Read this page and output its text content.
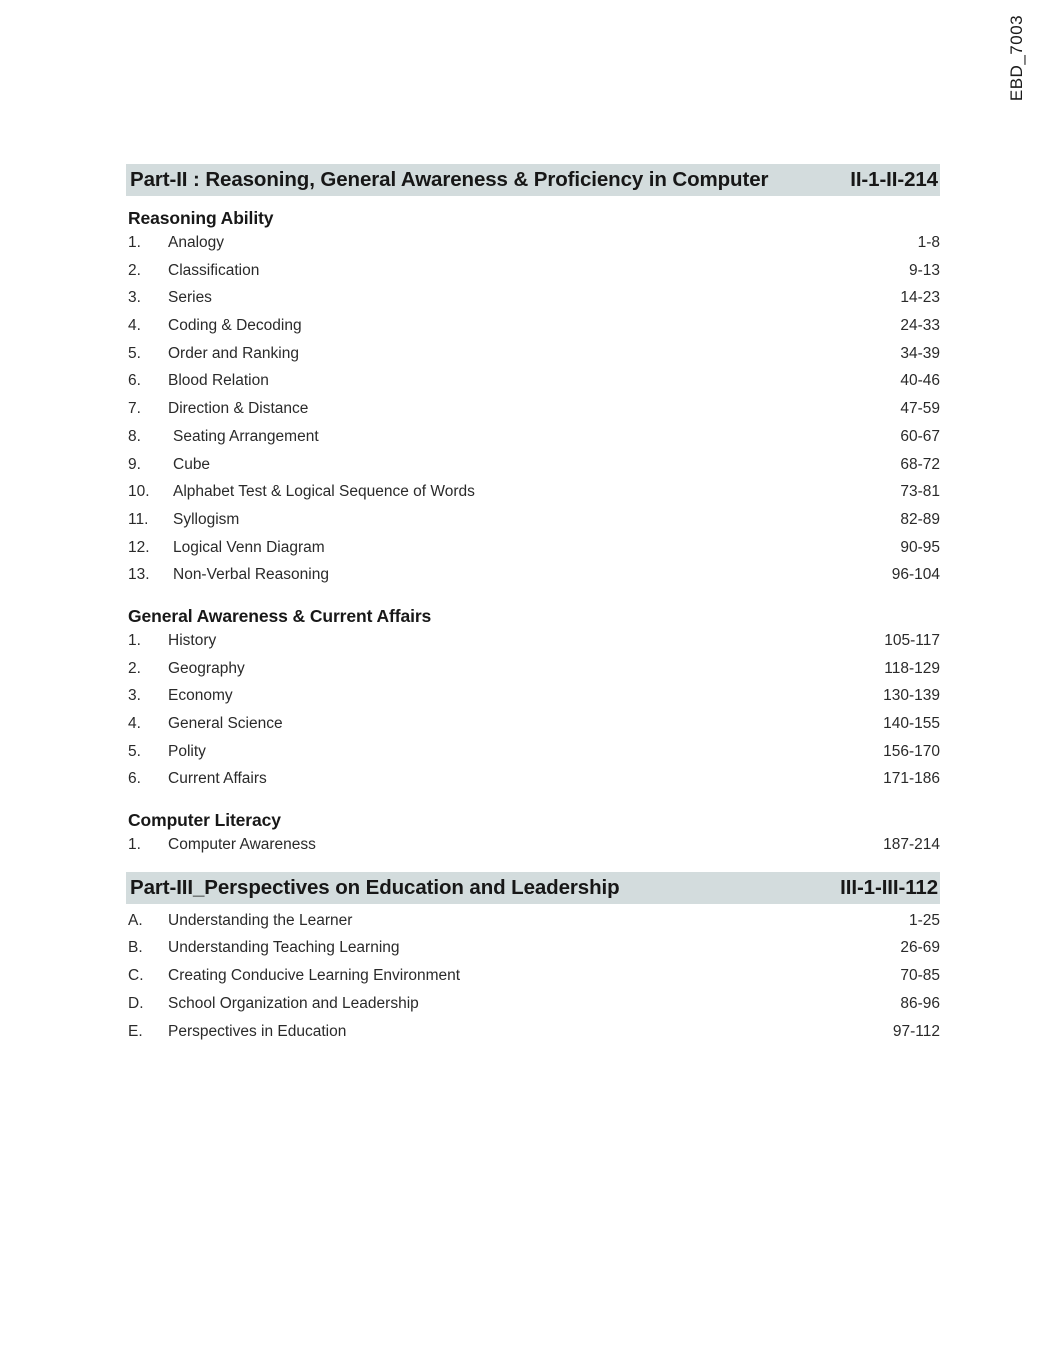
EBD_7003
Part-II : Reasoning, General Awareness & Proficiency in Computer	II-1-II-214
Reasoning Ability
1.	Analogy	1-8
2.	Classification	9-13
3.	Series	14-23
4.	Coding & Decoding	24-33
5.	Order and Ranking	34-39
6.	Blood Relation	40-46
7.	Direction & Distance	47-59
8.	Seating Arrangement	60-67
9.	Cube	68-72
10.	Alphabet Test & Logical Sequence of Words	73-81
11.	Syllogism	82-89
12.	Logical Venn Diagram	90-95
13.	Non-Verbal Reasoning	96-104
General Awareness & Current Affairs
1.	History	105-117
2.	Geography	118-129
3.	Economy	130-139
4.	General Science	140-155
5.	Polity	156-170
6.	Current Affairs	171-186
Computer Literacy
1.	Computer Awareness	187-214
Part-III_Perspectives on Education and Leadership	III-1-III-112
A.	Understanding the Learner	1-25
B.	Understanding Teaching Learning	26-69
C.	Creating Conducive Learning Environment	70-85
D.	School Organization and Leadership	86-96
E.	Perspectives in Education	97-112
